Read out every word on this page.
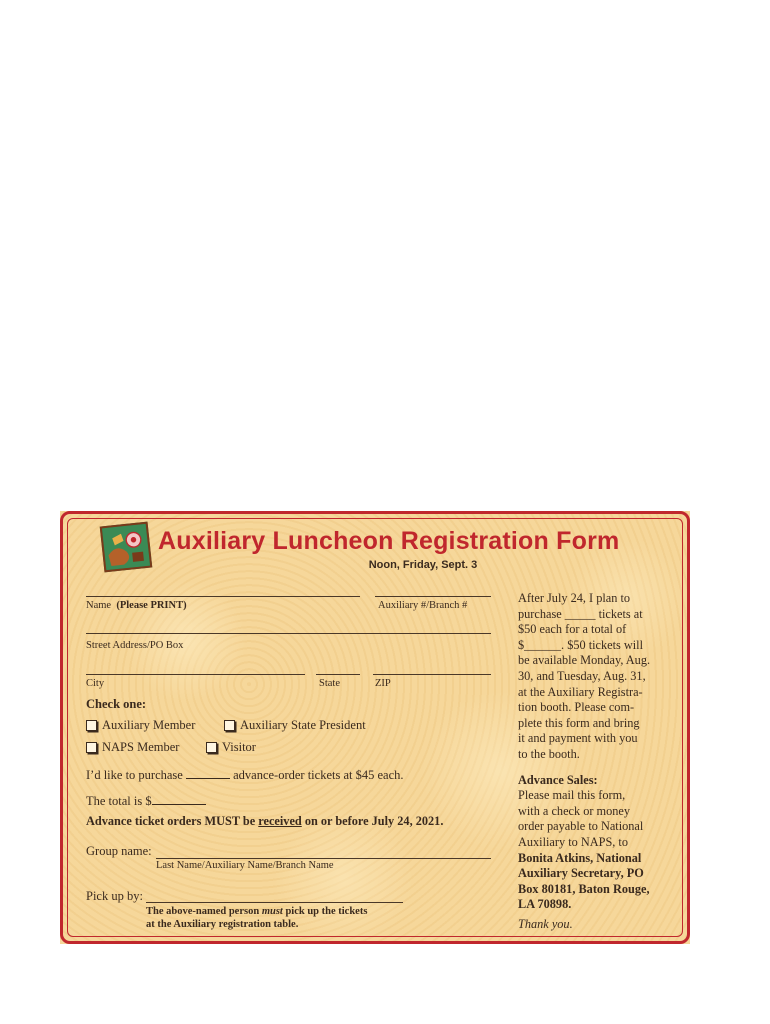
Auxiliary Luncheon Registration Form
Noon, Friday, Sept. 3
Name (Please PRINT)	Auxiliary #/Branch #
Street Address/PO Box
City	State	ZIP
Check one:
Auxiliary Member	Auxiliary State President
NAPS Member	Visitor
I’d like to purchase	advance-order tickets at $45 each.
The total is $
Advance ticket orders MUST be received on or before July 24, 2021.
Group name:
Last Name/Auxiliary Name/Branch Name
Pick up by:
The above-named person must pick up the tickets
at the Auxiliary registration table.

After July 24, I plan to
purchase _____ tickets at
$50 each for a total of
$______. $50 tickets will
be available Monday, Aug.
30, and Tuesday, Aug. 31,
at the Auxiliary Registra-
tion booth. Please com-
plete this form and bring
it and payment with you
to the booth.

Advance Sales:

Please mail this form,
with a check or money
order payable to National
Auxiliary to NAPS, to
Bonita Atkins, National
Auxiliary Secretary, PO
Box 80181, Baton Rouge,
LA 70898.

Thank you.
